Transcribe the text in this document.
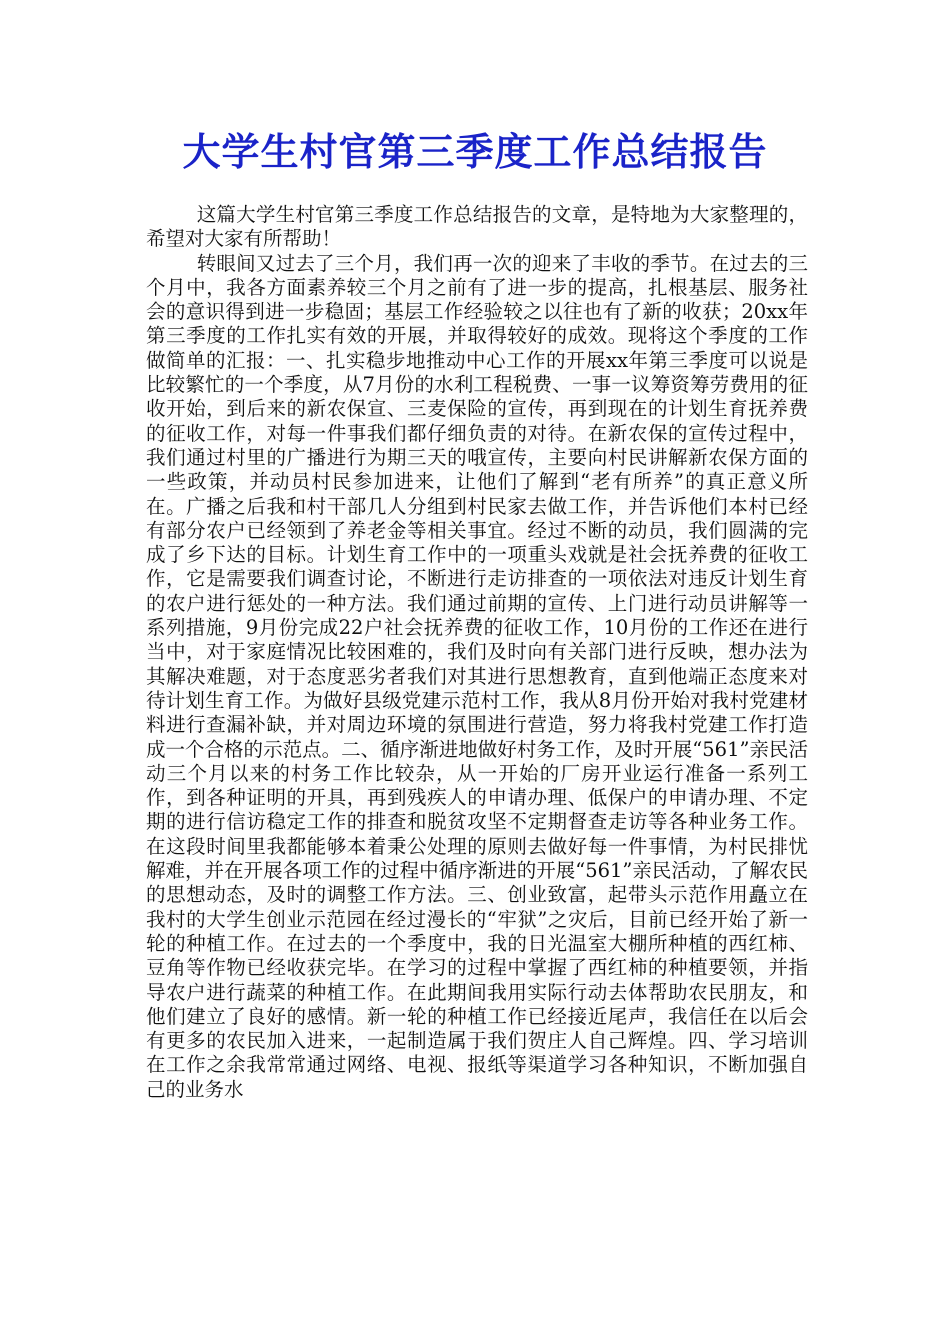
大学生村官第三季度工作总结报告

这篇大学生村官第三季度工作总结报告的文章，是特地为大家整理的，希望对大家有所帮助！

转眼间又过去了三个月，我们再一次的迎来了丰收的季节。在过去的三个月中，我各方面素养较三个月之前有了进一步的提高，扎根基层、服务社会的意识得到进一步稳固；基层工作经验较之以往也有了新的收获；20xx年第三季度的工作扎实有效的开展，并取得较好的成效。现将这个季度的工作做简单的汇报：一、扎实稳步地推动中心工作的开展xx年第三季度可以说是比较繁忙的一个季度，从7月份的水利工程税费、一事一议筹资筹劳费用的征收开始，到后来的新农保宣、三麦保险的宣传，再到现在的计划生育抚养费的征收工作，对每一件事我们都仔细负责的对待。在新农保的宣传过程中，我们通过村里的广播进行为期三天的哦宣传，主要向村民讲解新农保方面的一些政策，并动员村民参加进来，让他们了解到“老有所养”的真正意义所在。广播之后我和村干部几人分组到村民家去做工作，并告诉他们本村已经有部分农户已经领到了养老金等相关事宜。经过不断的动员，我们圆满的完成了乡下达的目标。计划生育工作中的一项重头戏就是社会抚养费的征收工作，它是需要我们调查讨论，不断进行走访排查的一项依法对违反计划生育的农户进行惩处的一种方法。我们通过前期的宣传、上门进行动员讲解等一系列措施，9月份完成22户社会抚养费的征收工作，10月份的工作还在进行当中，对于家庭情况比较困难的，我们及时向有关部门进行反映，想办法为其解决难题，对于态度恶劣者我们对其进行思想教育，直到他端正态度来对待计划生育工作。为做好县级党建示范村工作，我从8月份开始对我村党建材料进行查漏补缺，并对周边环境的氛围进行营造，努力将我村党建工作打造成一个合格的示范点。二、循序渐进地做好村务工作，及时开展“561”亲民活动三个月以来的村务工作比较杂，从一开始的厂房开业运行准备一系列工作，到各种证明的开具，再到残疾人的申请办理、低保户的申请办理、不定期的进行信访稳定工作的排查和脱贫攻坚不定期督查走访等各种业务工作。在这段时间里我都能够本着秉公处理的原则去做好每一件事情，为村民排忧解难，并在开展各项工作的过程中循序渐进的开展“561”亲民活动，了解农民的思想动态，及时的调整工作方法。三、创业致富，起带头示范作用矗立在我村的大学生创业示范园在经过漫长的“牢狱”之灾后，目前已经开始了新一轮的种植工作。在过去的一个季度中，我的日光温室大棚所种植的西红柿、豆角等作物已经收获完毕。在学习的过程中掌握了西红柿的种植要领，并指导农户进行蔬菜的种植工作。在此期间我用实际行动去体帮助农民朋友，和他们建立了良好的感情。新一轮的种植工作已经接近尾声，我信任在以后会有更多的农民加入进来，一起制造属于我们贺庄人自己辉煌。四、学习培训在工作之余我常常通过网络、电视、报纸等渠道学习各种知识，不断加强自己的业务水
